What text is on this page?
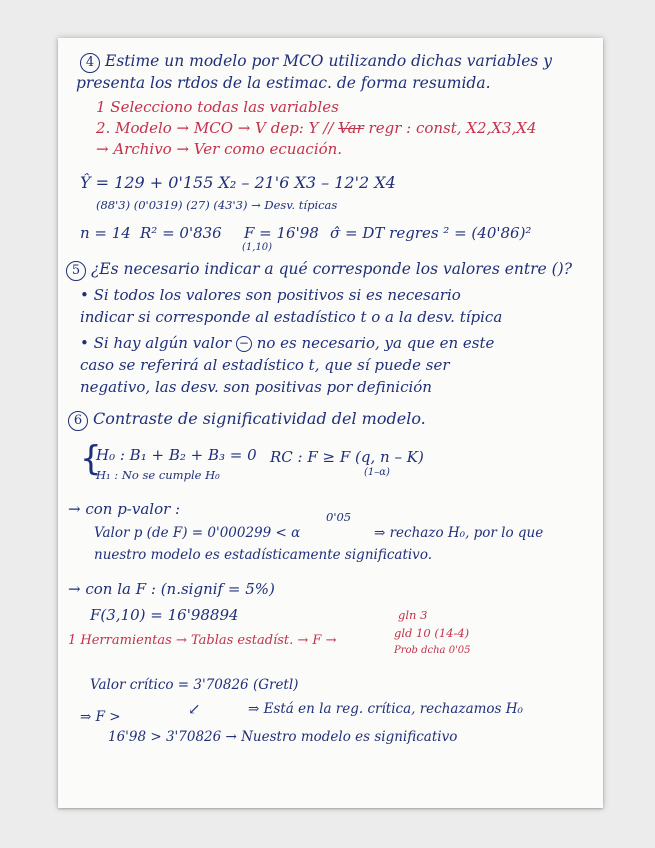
4 Estime un modelo por MCO utilizando dichas variables y
presenta los rtdos de la estimac. de forma resumida.
1 Selecciono todas las variables
2. Modelo → MCO → V dep: Y // Var regr : const, X2,X3,X4
→ Archivo → Ver como ecuación.
Ŷ = 129 + 0'155 X₂ – 21'6 X3 – 12'2 X4
(88'3) (0'0319) (27) (43'3) → Desv. típicas
n = 14 R² = 0'836 F = 16'98
(1,10)
σ̂ = DT regres ² = (40'86)²
5 ¿Es necesario indicar a qué corresponde los valores entre ()?
• Si todos los valores son positivos si es necesario
indicar si corresponde al estadístico t o a la desv. típica
• Si hay algún valor − no es necesario, ya que en este
caso se referirá al estadístico t, que sí puede ser
negativo, las desv. son positivas por definición
6 Contraste de significatividad del modelo.
{
H₀ : B₁ + B₂ + B₃ = 0
H₁ : No se cumple H₀
RC : F ≥ F (q, n – K)
(1–α)
→ con p-valor :	0'05
Valor p (de F) = 0'000299 < α	⇒ rechazo H₀, por lo que
nuestro modelo es estadísticamente significativo.
→ con la F : (n.signif = 5%)
F(3,10) = 16'98894	gln 3
1 Herramientas → Tablas estadíst. → F →	gld 10 (14-4)
Prob dcha 0'05
Valor crítico = 3'70826 (Gretl)
⇒ F >	↙	⇒ Está en la reg. crítica, rechazamos H₀
16'98 > 3'70826 → Nuestro modelo es significativo
